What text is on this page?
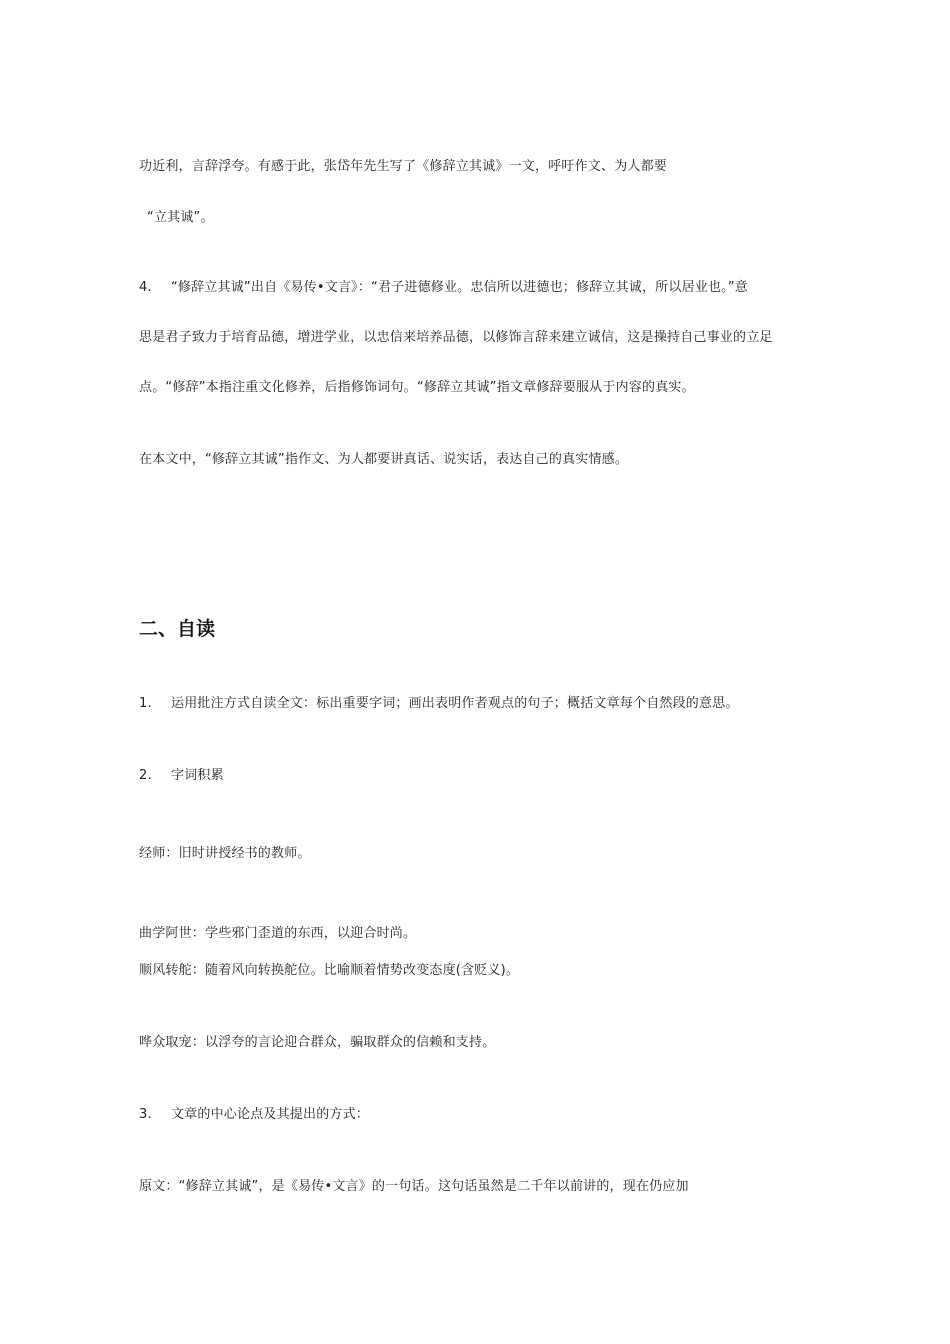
功近利，言辞浮夸。有感于此，张岱年先生写了《修辞立其诚》一文，呼吁作文、为人都要
“立其诚”。
4. “修辞立其诚”出自《易传•文言》：“君子进德修业。忠信所以进德也；修辞立其诚，所以居业也。”意
思是君子致力于培育品德，增进学业，以忠信来培养品德，以修饰言辞来建立诚信，这是操持自己事业的立足
点。“修辞”本指注重文化修养，后指修饰词句。“修辞立其诚”指文章修辞要服从于内容的真实。
在本文中，“修辞立其诚”指作文、为人都要讲真话、说实话，表达自己的真实情感。
二、自读
1. 运用批注方式自读全文：标出重要字词；画出表明作者观点的句子；概括文章每个自然段的意思。
2. 字词积累
经师：旧时讲授经书的教师。
曲学阿世：学些邪门歪道的东西，以迎合时尚。
顺风转舵：随着风向转换舵位。比喻顺着情势改变态度(含贬义)。
哗众取宠：以浮夸的言论迎合群众，骗取群众的信赖和支持。
3. 文章的中心论点及其提出的方式：
原文：“修辞立其诚”，是《易传•文言》的一句话。这句话虽然是二千年以前讲的，现在仍应加
